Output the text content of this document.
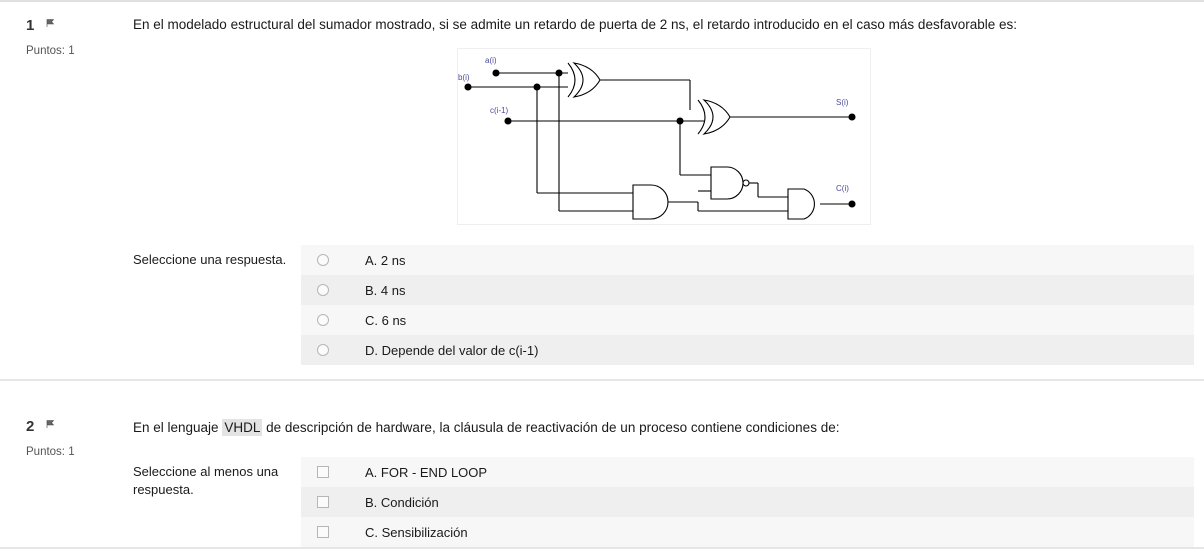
1
Puntos: 1
En el modelado estructural del sumador mostrado, si se admite un retardo de puerta de 2 ns, el retardo introducido en el caso más desfavorable es:
a(i)
b(i)
c(i-1)
S(i)
C(i)
Seleccione una respuesta.	A. 2 ns
B. 4 ns
C. 6 ns
D. Depende del valor de c(i-1)
2
Puntos: 1
En el lenguaje VHDL de descripción de hardware, la cláusula de reactivación de un proceso contiene condiciones de:
Seleccione al menos una respuesta.
A. FOR - END LOOP
B. Condición
C. Sensibilización
